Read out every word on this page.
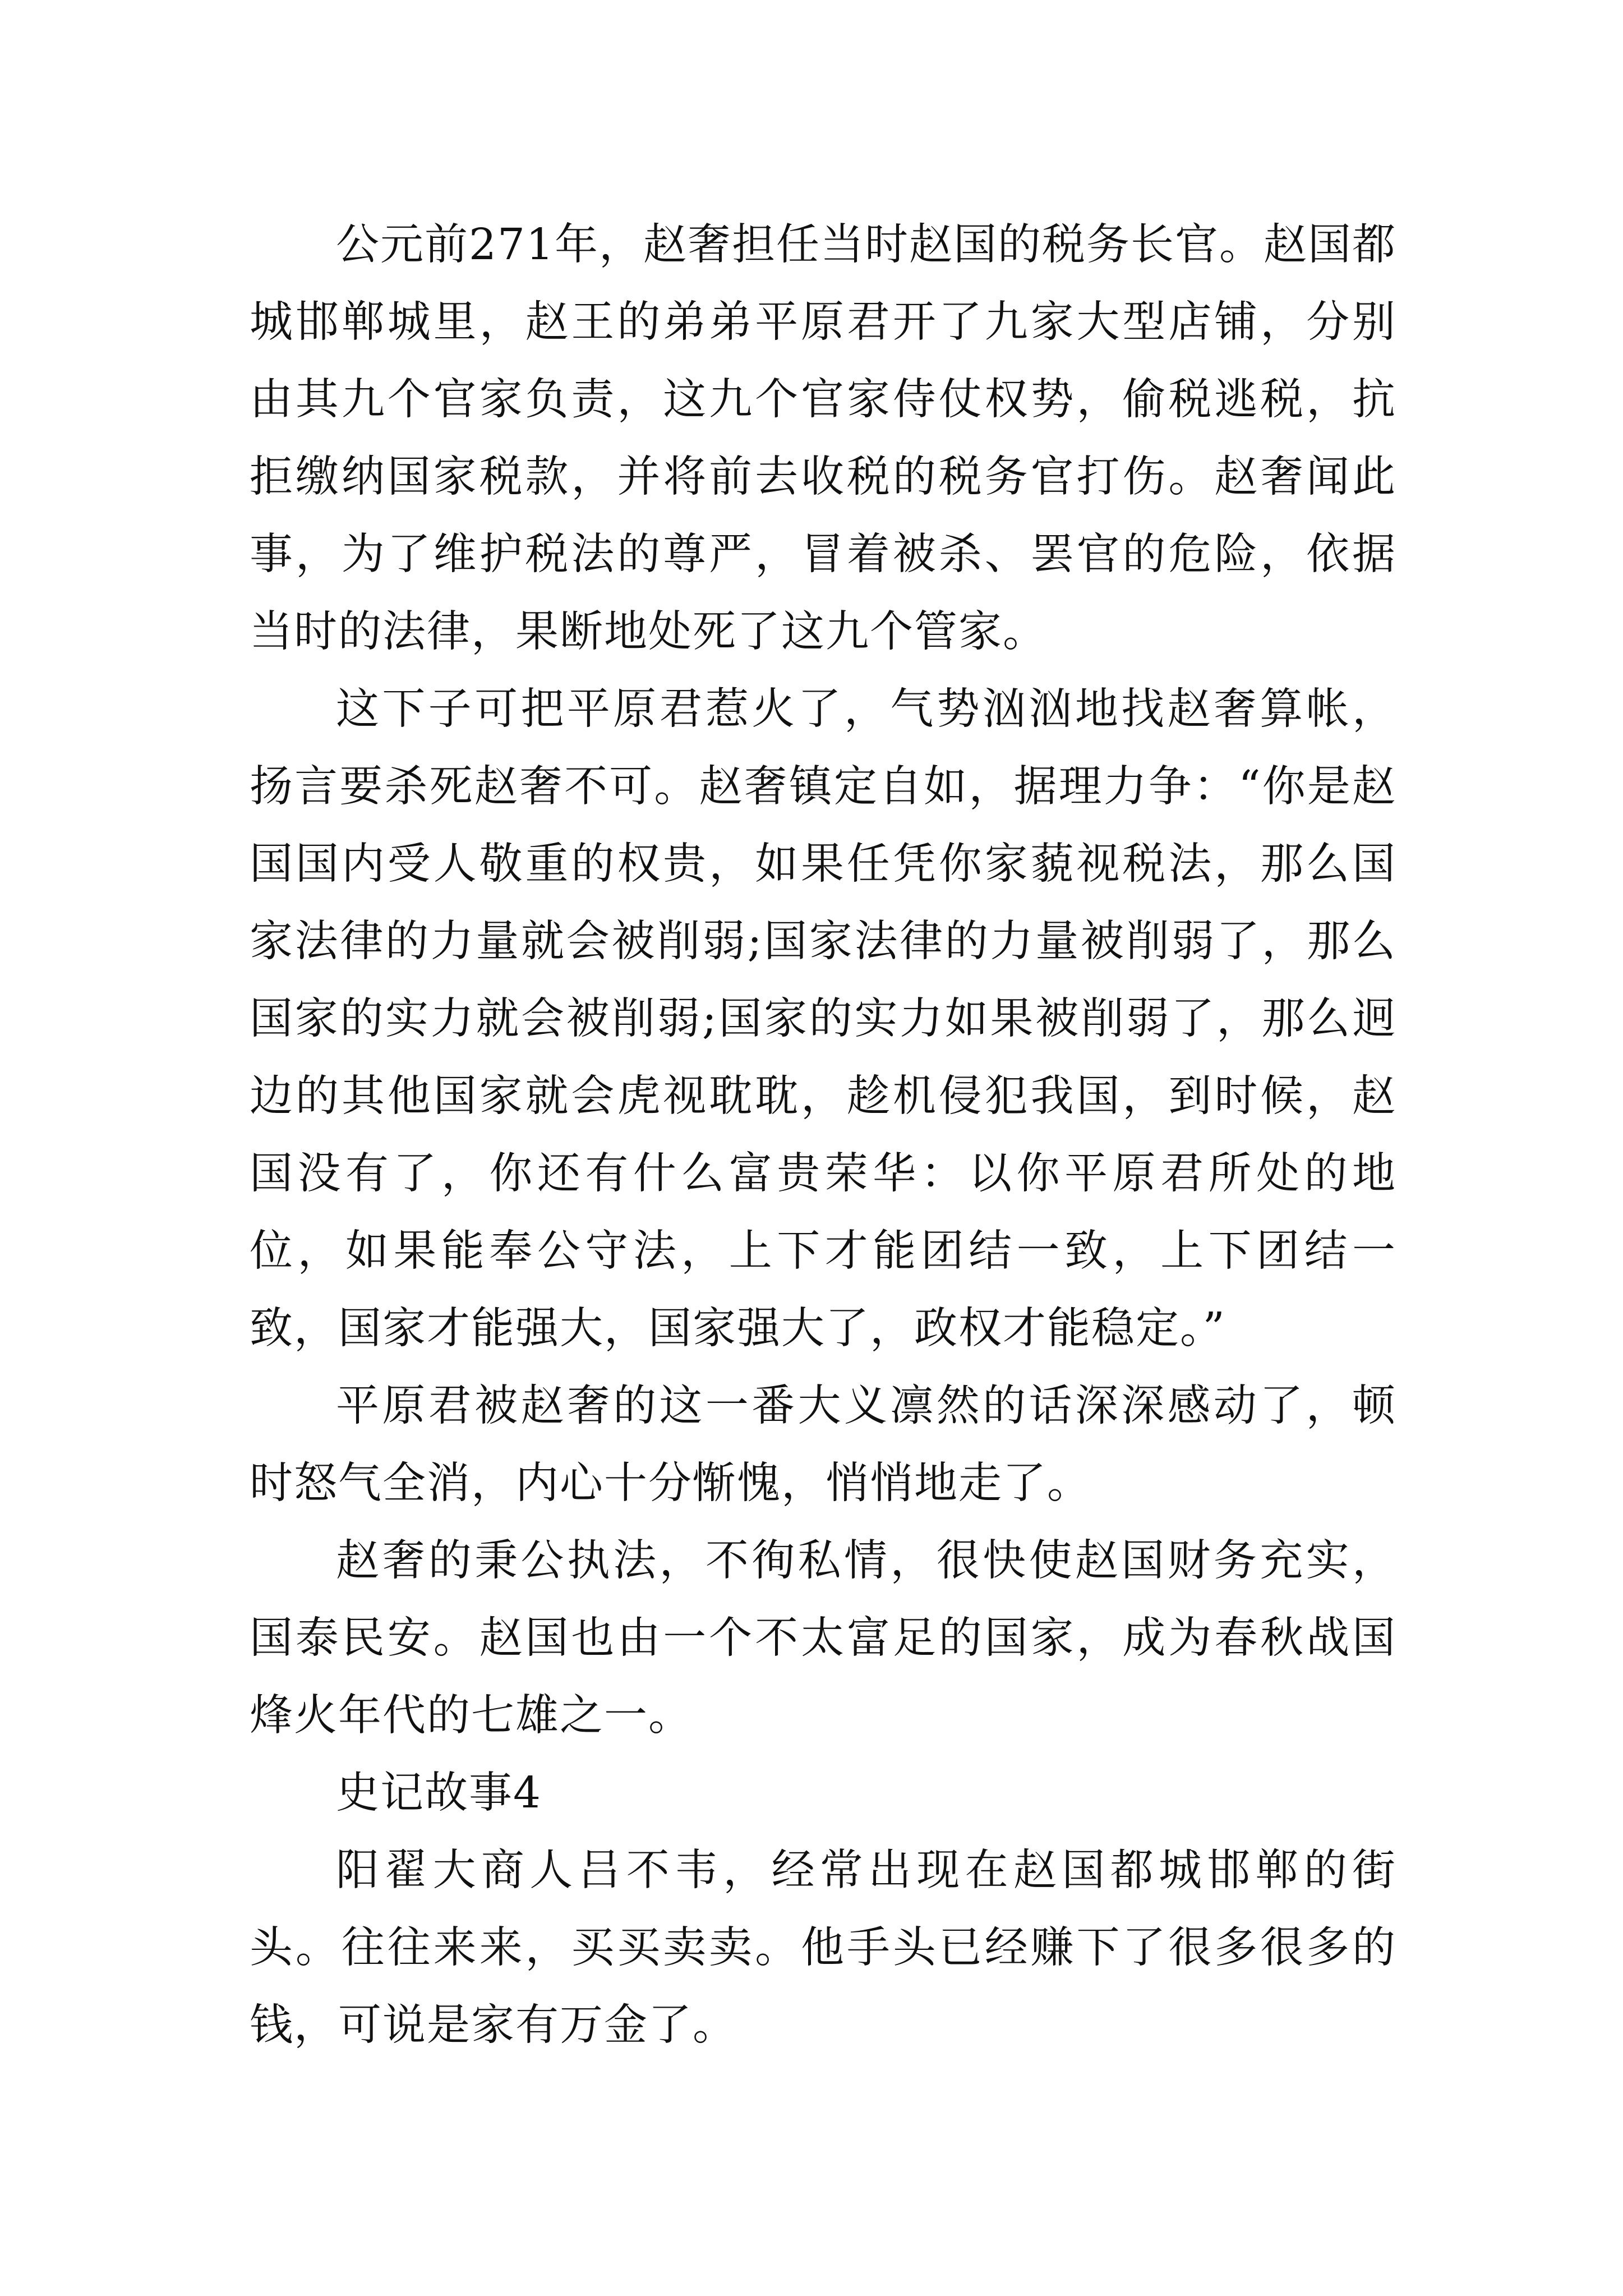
公元前271年，赵奢担任当时赵国的税务长官。赵国都城邯郸城里，赵王的弟弟平原君开了九家大型店铺，分别由其九个官家负责，这九个官家侍仗权势，偷税逃税，抗拒缴纳国家税款，并将前去收税的税务官打伤。赵奢闻此事，为了维护税法的尊严，冒着被杀、罢官的危险，依据当时的法律，果断地处死了这九个管家。

这下子可把平原君惹火了，气势汹汹地找赵奢算帐，扬言要杀死赵奢不可。赵奢镇定自如，据理力争：“你是赵国国内受人敬重的权贵，如果任凭你家藐视税法，那么国家法律的力量就会被削弱;国家法律的力量被削弱了，那么国家的实力就会被削弱;国家的实力如果被削弱了，那么迥边的其他国家就会虎视耽耽，趁机侵犯我国，到时候，赵国没有了，你还有什么富贵荣华：以你平原君所处的地位，如果能奉公守法，上下才能团结一致，上下团结一致，国家才能强大，国家强大了，政权才能稳定。”

平原君被赵奢的这一番大义凛然的话深深感动了，顿时怒气全消，内心十分惭愧，悄悄地走了。

赵奢的秉公执法，不徇私情，很快使赵国财务充实，国泰民安。赵国也由一个不太富足的国家，成为春秋战国烽火年代的七雄之一。

史记故事4

阳翟大商人吕不韦，经常出现在赵国都城邯郸的街头。往往来来，买买卖卖。他手头已经赚下了很多很多的钱，可说是家有万金了。
